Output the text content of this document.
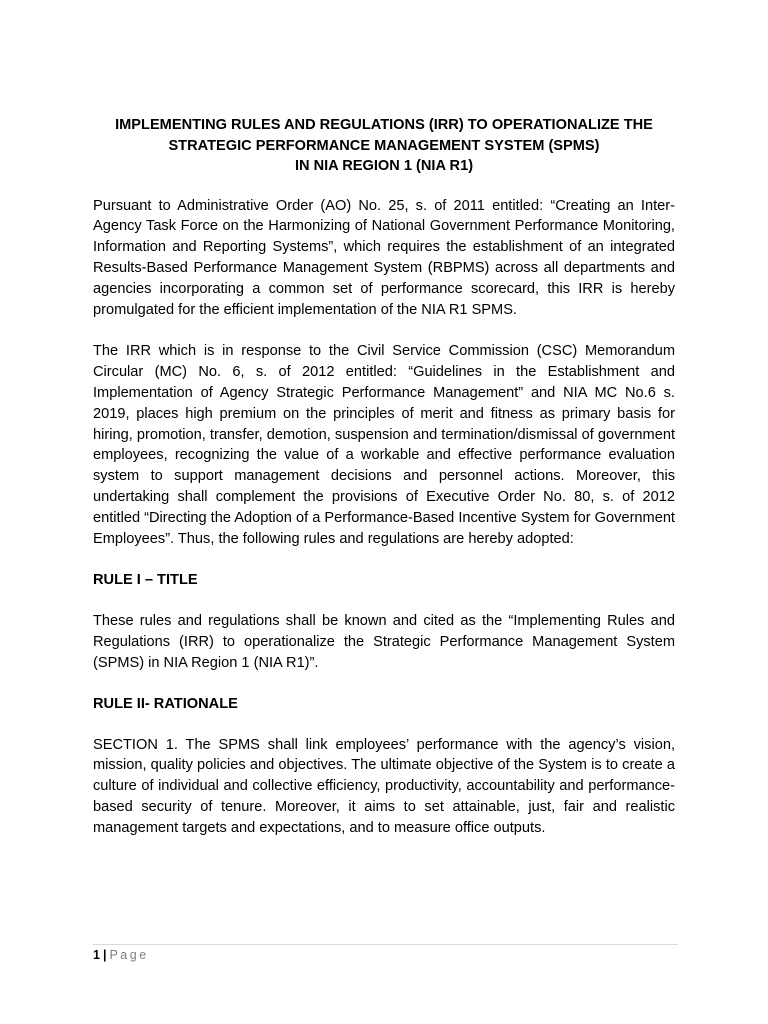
IMPLEMENTING RULES AND REGULATIONS (IRR) TO OPERATIONALIZE THE
STRATEGIC PERFORMANCE MANAGEMENT SYSTEM (SPMS)
IN NIA REGION 1 (NIA R1)

Pursuant to Administrative Order (AO) No. 25, s. of 2011 entitled: “Creating an Inter-Agency Task Force on the Harmonizing of National Government Performance Monitoring, Information and Reporting Systems”, which requires the establishment of an integrated Results-Based Performance Management System (RBPMS) across all departments and agencies incorporating a common set of performance scorecard, this IRR is hereby promulgated for the efficient implementation of the NIA R1 SPMS.

The IRR which is in response to the Civil Service Commission (CSC) Memorandum Circular (MC) No. 6, s. of 2012 entitled: “Guidelines in the Establishment and Implementation of Agency Strategic Performance Management” and NIA MC No.6 s. 2019, places high premium on the principles of merit and fitness as primary basis for hiring, promotion, transfer, demotion, suspension and termination/dismissal of government employees, recognizing the value of a workable and effective performance evaluation system to support management decisions and personnel actions. Moreover, this undertaking shall complement the provisions of Executive Order No. 80, s. of 2012 entitled “Directing the Adoption of a Performance-Based Incentive System for Government Employees”. Thus, the following rules and regulations are hereby adopted:

RULE I – TITLE

These rules and regulations shall be known and cited as the “Implementing Rules and Regulations (IRR) to operationalize the Strategic Performance Management System (SPMS) in NIA Region 1 (NIA R1)”.

RULE II- RATIONALE

SECTION 1. The SPMS shall link employees’ performance with the agency’s vision, mission, quality policies and objectives. The ultimate objective of the System is to create a culture of individual and collective efficiency, productivity, accountability and performance-based security of tenure. Moreover, it aims to set attainable, just, fair and realistic management targets and expectations, and to measure office outputs.

1 | Page
